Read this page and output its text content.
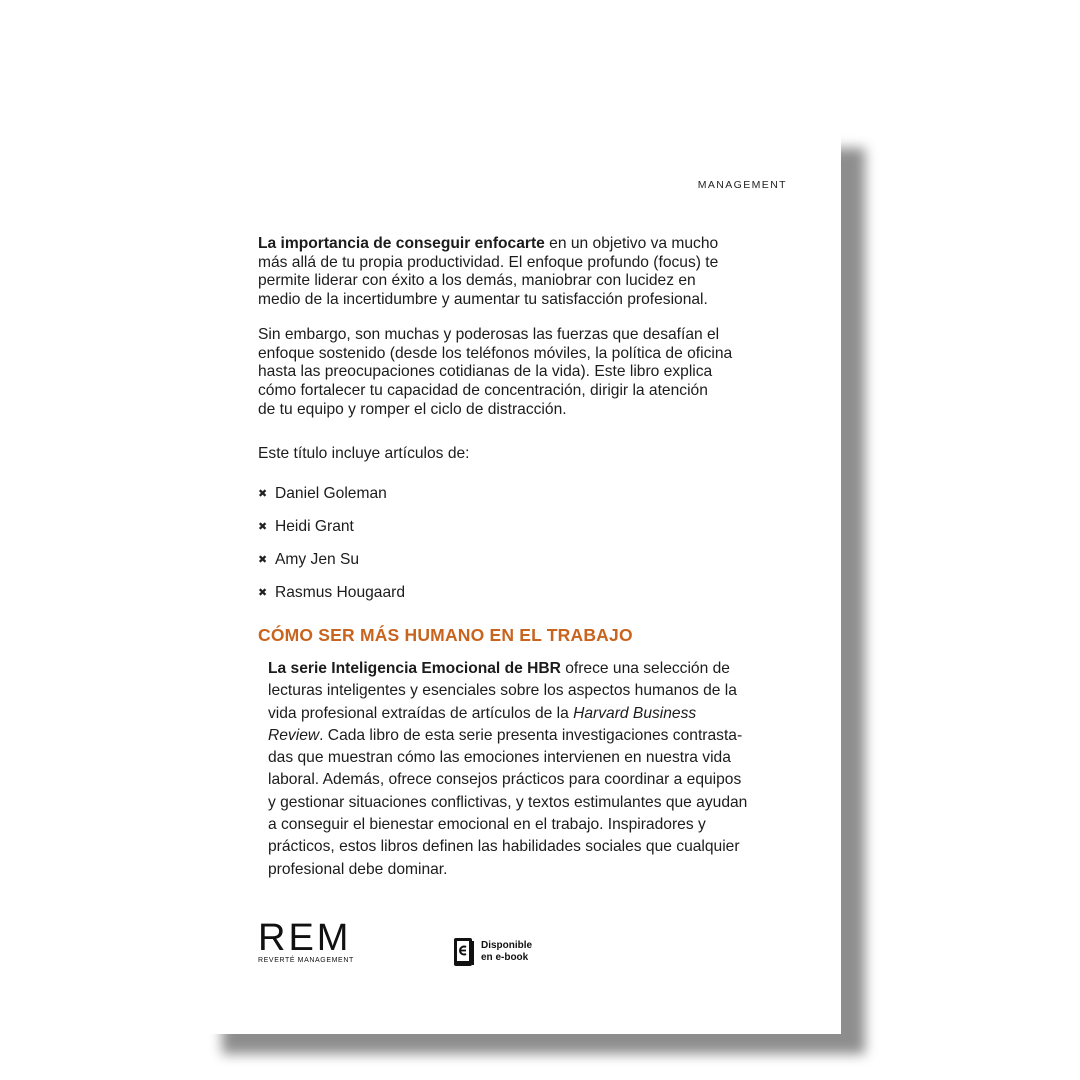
MANAGEMENT

La importancia de conseguir enfocarte en un objetivo va mucho
más allá de tu propia productividad. El enfoque profundo (focus) te
permite liderar con éxito a los demás, maniobrar con lucidez en
medio de la incertidumbre y aumentar tu satisfacción profesional.

Sin embargo, son muchas y poderosas las fuerzas que desafían el
enfoque sostenido (desde los teléfonos móviles, la política de oficina
hasta las preocupaciones cotidianas de la vida). Este libro explica
cómo fortalecer tu capacidad de concentración, dirigir la atención
de tu equipo y romper el ciclo de distracción.

Este título incluye artículos de:

✖ Daniel Goleman
✖ Heidi Grant
✖ Amy Jen Su
✖ Rasmus Hougaard
CÓMO SER MÁS HUMANO EN EL TRABAJO

La serie Inteligencia Emocional de HBR ofrece una selección de
lecturas inteligentes y esenciales sobre los aspectos humanos de la
vida profesional extraídas de artículos de la Harvard Business
Review. Cada libro de esta serie presenta investigaciones contrasta-
das que muestran cómo las emociones intervienen en nuestra vida
laboral. Además, ofrece consejos prácticos para coordinar a equipos
y gestionar situaciones conflictivas, y textos estimulantes que ayudan
a conseguir el bienestar emocional en el trabajo. Inspiradores y
prácticos, estos libros definen las habilidades sociales que cualquier
profesional debe dominar.

REM
REVERTÉ MANAGEMENT
Disponible
en e-book
